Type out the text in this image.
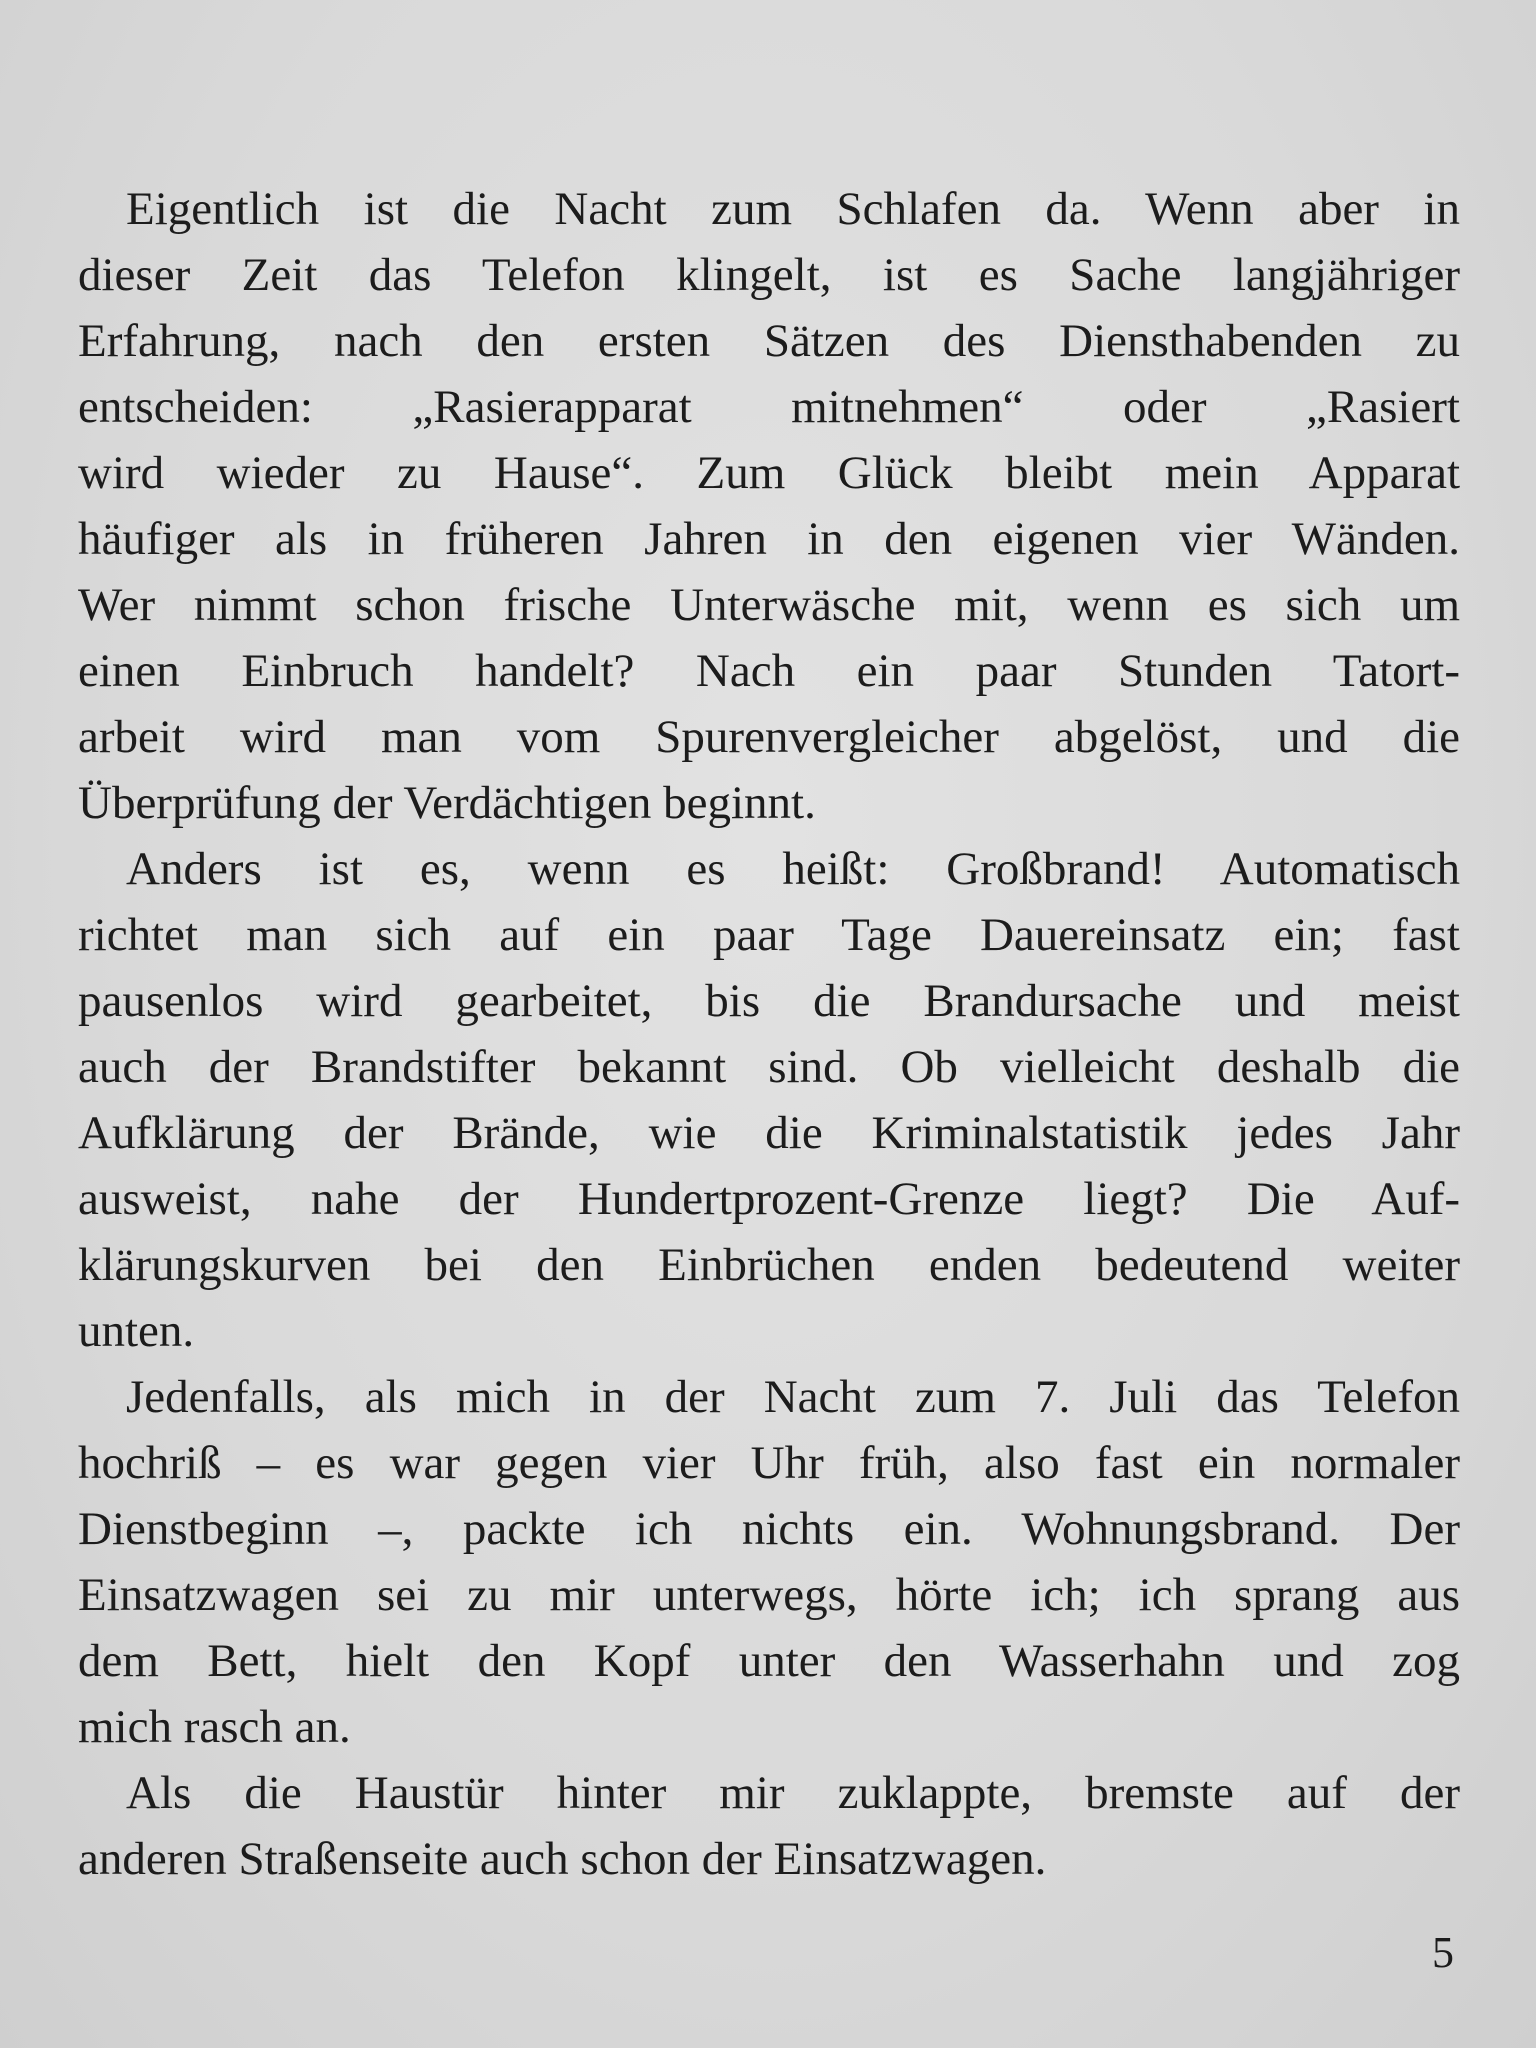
Eigentlich ist die Nacht zum Schlafen da. Wenn aber in
dieser Zeit das Telefon klingelt, ist es Sache langjähriger
Erfahrung, nach den ersten Sätzen des Diensthabenden zu
entscheiden: „Rasierapparat mitnehmen“ oder „Rasiert
wird wieder zu Hause“. Zum Glück bleibt mein Apparat
häufiger als in früheren Jahren in den eigenen vier Wänden.
Wer nimmt schon frische Unterwäsche mit, wenn es sich um
einen Einbruch handelt? Nach ein paar Stunden Tatort-
arbeit wird man vom Spurenvergleicher abgelöst, und die
Überprüfung der Verdächtigen beginnt.
Anders ist es, wenn es heißt: Großbrand! Automatisch
richtet man sich auf ein paar Tage Dauereinsatz ein; fast
pausenlos wird gearbeitet, bis die Brandursache und meist
auch der Brandstifter bekannt sind. Ob vielleicht deshalb die
Aufklärung der Brände, wie die Kriminalstatistik jedes Jahr
ausweist, nahe der Hundertprozent-Grenze liegt? Die Auf-
klärungskurven bei den Einbrüchen enden bedeutend weiter
unten.
Jedenfalls, als mich in der Nacht zum 7. Juli das Telefon
hochriß – es war gegen vier Uhr früh, also fast ein normaler
Dienstbeginn –, packte ich nichts ein. Wohnungsbrand. Der
Einsatzwagen sei zu mir unterwegs, hörte ich; ich sprang aus
dem Bett, hielt den Kopf unter den Wasserhahn und zog
mich rasch an.
Als die Haustür hinter mir zuklappte, bremste auf der
anderen Straßenseite auch schon der Einsatzwagen.
5
